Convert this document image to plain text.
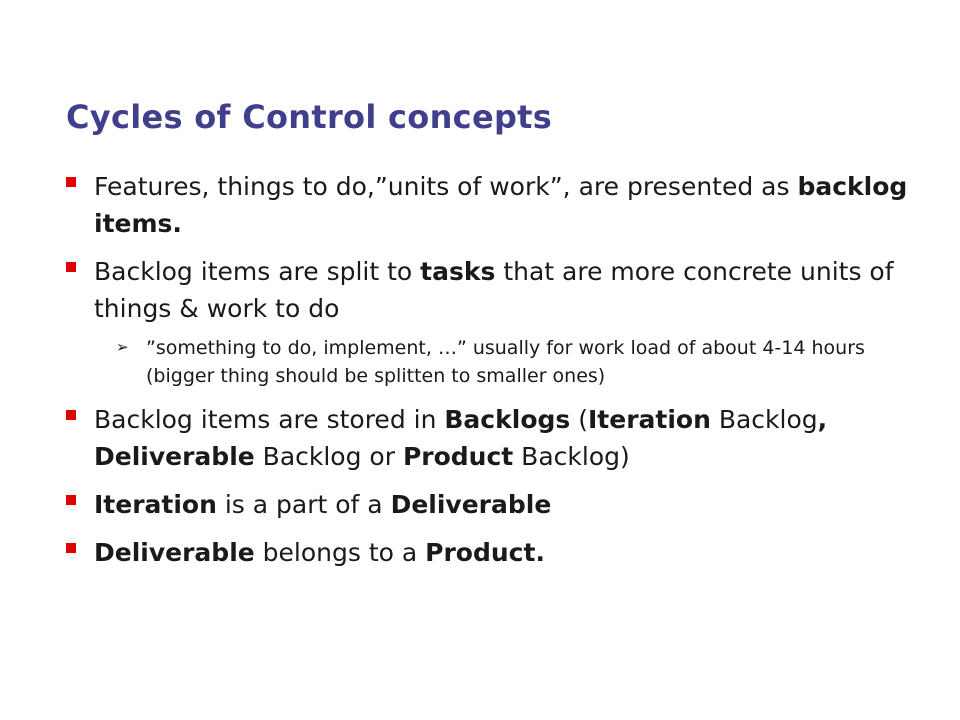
Cycles of Control concepts
Features, things to do,”units of work”, are presented as backlog items.
Backlog items are split to tasks that are more concrete units of things & work to do
➢ ”something to do, implement, …” usually for work load of about 4-14 hours (bigger thing should be splitten to smaller ones)
Backlog items are stored in Backlogs (Iteration Backlog, Deliverable Backlog or Product Backlog)
Iteration is a part of a Deliverable
Deliverable belongs to a Product.
